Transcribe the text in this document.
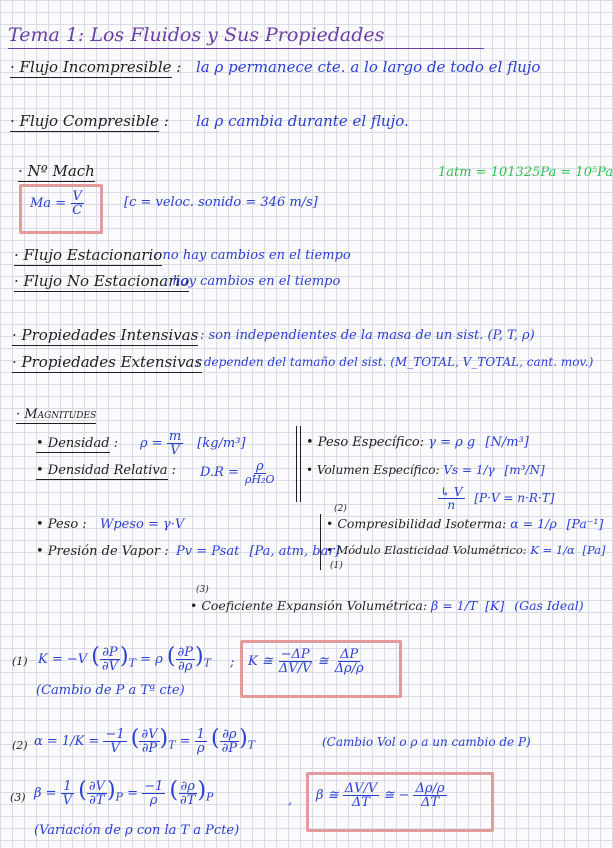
Tema 1: Los Fluidos y Sus Propiedades
· Flujo Incompresible : la ρ permanece cte. a lo largo de todo el flujo
· Flujo Compresible : la ρ cambia durante el flujo.
· Nº Mach	1atm = 101325Pa = 10⁵Pa
$Ma = \frac{V}{C}$	[c = veloc. sonido = 346 m/s]
· Flujo Estacionario
: no hay cambios en el tiempo
· Flujo No Estacionario
: hay cambios en el tiempo
· Propiedades Intensivas : son independientes de la masa de un sist. (P, T, ρ)
· Propiedades Extensivas
: dependen del tamaño del sist. (M_TOTAL, V_TOTAL, cant. mov.)
· Magnitudes
• Densidad : $\rho = \frac{m}{V} [kg/m^3]$
• Densidad Relativa : $D.R = \frac{\rho}{\text{ρH₂O}}$
• Peso Específico: γ = ρ g [N/m³]
• Volumen Específico: Vs = 1/γ [m³/N]
$\frac{↳ V}{n} [P\cdot V = n\cdot R\cdot T]$
• Peso : Wpeso = γ·V
• Presión de Vapor : Pv = Psat [Pa, atm, bar]
(2)
• Compresibilidad Isoterma: α = 1/ρ [Pa⁻¹]
• Módulo Elasticidad Volumétrico: K = 1/α [Pa]
(1)
(3)
• Coeficiente Expansión Volumétrica: β = 1/T [K] (Gas Ideal)
(1) K = −V ( $\frac{\partial P}{\partial V} )_T = \rho$ ( $\frac{\partial P}{\partial\rho} )_T$ ; K ≅ $\frac{-\Delta P}{\Delta V/V}$ ≅ $\frac{\Delta P}{\Delta\rho/\rho}$
(Cambio de P a Tª cte)
(2) $\alpha = 1/K = \frac{-1}{V}$ ( $\frac{\partial V}{\partial P} )_T = \frac{1}{\rho}$ ( $\frac{\partial\rho}{\partial P} )_T$	(Cambio Vol o ρ a un cambio de P)
(3) $\beta = \frac{1}{V}$ ( $\frac{\partial V}{\partial T} )_P = \frac{-1}{\rho}$ ( $\frac{\partial\rho}{\partial T} )_P$	, β ≅ $\frac{\Delta V/V}{\Delta T}$ ≅ − $\frac{\Delta\rho/\rho}{\Delta T}$
(Variación de ρ con la T a Pcte)
